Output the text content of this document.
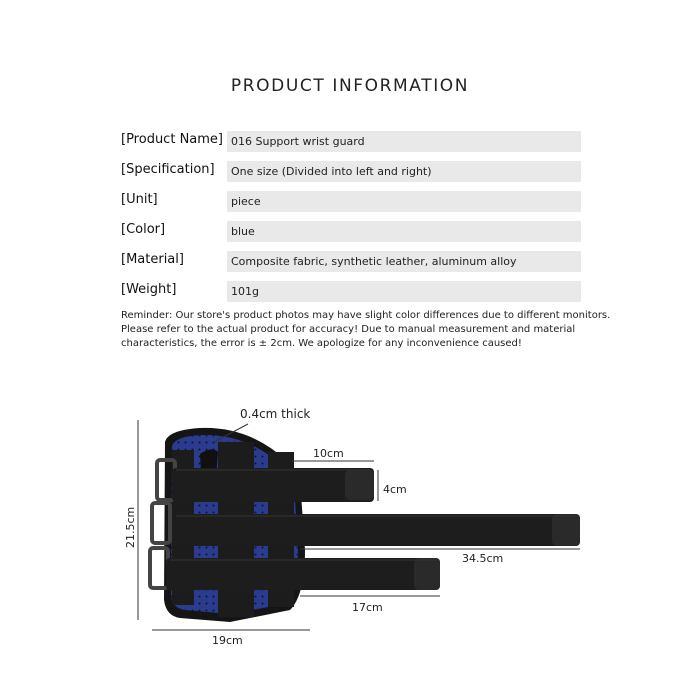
PRODUCT INFORMATION
[Product Name] 016 Support wrist guard
[Specification]	One size (Divided into left and right)
[Unit]	piece
[Color]	blue
[Material]	Composite fabric, synthetic leather, aluminum alloy
[Weight]	101g
Reminder: Our store's product photos may have slight color differences due to different monitors. Please refer to the actual product for accuracy! Due to manual measurement and material characteristics, the error is ± 2cm. We apologize for any inconvenience caused!
0.4cm thick
10cm
4cm
21.5cm
34.5cm
17cm
19cm
